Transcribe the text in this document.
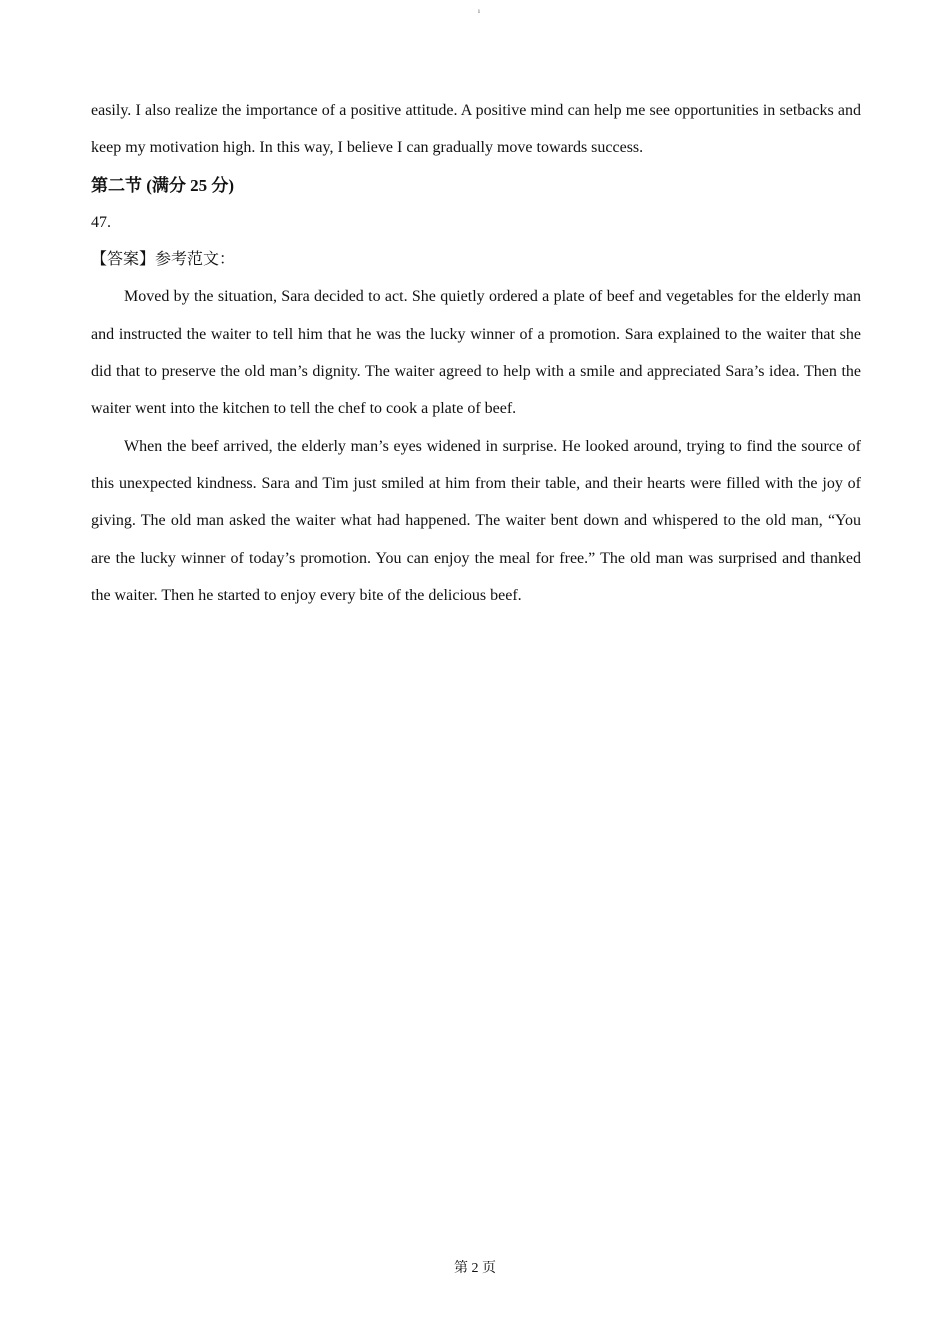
ı

easily. I also realize the importance of a positive attitude. A positive mind can help me see opportunities in setbacks and keep my motivation high. In this way, I believe I can gradually move towards success.

第二节 (满分 25 分)

47.

【答案】参考范文：

Moved by the situation, Sara decided to act. She quietly ordered a plate of beef and vegetables for the elderly man and instructed the waiter to tell him that he was the lucky winner of a promotion. Sara explained to the waiter that she did that to preserve the old man’s dignity. The waiter agreed to help with a smile and appreciated Sara’s idea. Then the waiter went into the kitchen to tell the chef to cook a plate of beef.

When the beef arrived, the elderly man’s eyes widened in surprise. He looked around, trying to find the source of this unexpected kindness. Sara and Tim just smiled at him from their table, and their hearts were filled with the joy of giving. The old man asked the waiter what had happened. The waiter bent down and whispered to the old man, “You are the lucky winner of today’s promotion. You can enjoy the meal for free.” The old man was surprised and thanked the waiter. Then he started to enjoy every bite of the delicious beef.

第 2 页
